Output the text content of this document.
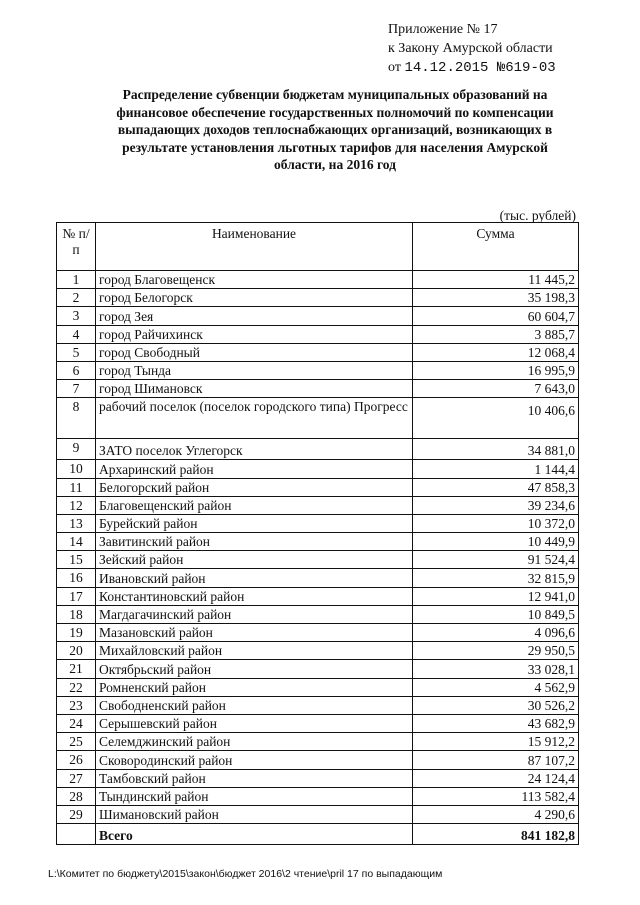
Приложение № 17
к Закону Амурской области
от 14.12.2015 №619-03
Распределение субвенции бюджетам муниципальных образований на финансовое обеспечение государственных полномочий по компенсации выпадающих доходов теплоснабжающих организаций, возникающих в результате установления льготных тарифов для населения Амурской области, на 2016 год
(тыс. рублей)
№ п/п	Наименование	Сумма
1	город Благовещенск	11 445,2
2	город Белогорск	35 198,3
3	город Зея	60 604,7
4	город Райчихинск	3 885,7
5	город Свободный	12 068,4
6	город Тында	16 995,9
7	город Шимановск	7 643,0
8	рабочий поселок (поселок городского типа) Прогресс	10 406,6
9	ЗАТО поселок Углегорск	34 881,0
10	Архаринский район	1 144,4
11	Белогорский район	47 858,3
12	Благовещенский район	39 234,6
13	Бурейский район	10 372,0
14	Завитинский район	10 449,9
15	Зейский район	91 524,4
16	Ивановский район	32 815,9
17	Константиновский район	12 941,0
18	Магдагачинский район	10 849,5
19	Мазановский район	4 096,6
20	Михайловский район	29 950,5
21	Октябрьский район	33 028,1
22	Ромненский район	4 562,9
23	Свободненский район	30 526,2
24	Серышевский район	43 682,9
25	Селемджинский район	15 912,2
26	Сковородинский район	87 107,2
27	Тамбовский район	24 124,4
28	Тындинский район	113 582,4
29	Шимановский район	4 290,6
	Всего	841 182,8
L:\Комитет по бюджету\2015\закон\бюджет 2016\2 чтение\pril 17 по выпадающим
